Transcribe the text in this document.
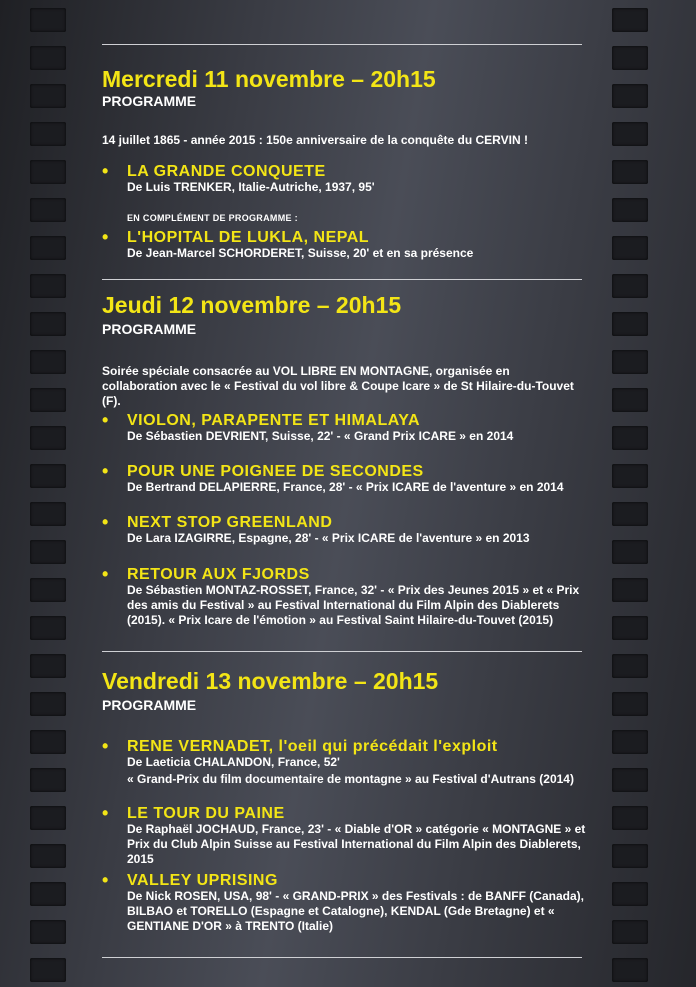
Mercredi 11 novembre – 20h15
PROGRAMME
14 juillet 1865 - année 2015 : 150e anniversaire de la conquête du CERVIN !
• LA GRANDE CONQUETE
De Luis TRENKER, Italie-Autriche, 1937, 95'
EN COMPLÉMENT DE PROGRAMME :
• L'HOPITAL DE LUKLA, NEPAL
De Jean-Marcel SCHORDERET, Suisse, 20' et en sa présence
Jeudi 12 novembre – 20h15
PROGRAMME
Soirée spéciale consacrée au VOL LIBRE EN MONTAGNE, organisée en collaboration avec le « Festival du vol libre & Coupe Icare » de St Hilaire-du-Touvet (F).
• VIOLON, PARAPENTE ET HIMALAYA
De Sébastien DEVRIENT, Suisse, 22' - « Grand Prix ICARE » en 2014
• POUR UNE POIGNEE DE SECONDES
De Bertrand DELAPIERRE, France, 28' - « Prix ICARE de l'aventure » en 2014
• NEXT STOP GREENLAND
De Lara IZAGIRRE, Espagne, 28' - « Prix ICARE de l'aventure » en 2013
• RETOUR AUX FJORDS
De Sébastien MONTAZ-ROSSET, France, 32' - « Prix des Jeunes 2015 » et « Prix des amis du Festival » au Festival International du Film Alpin des Diablerets (2015). « Prix Icare de l'émotion » au Festival Saint Hilaire-du-Touvet (2015)
Vendredi 13 novembre – 20h15
PROGRAMME
• RENE VERNADET, l'oeil qui précédait l'exploit
De Laeticia CHALANDON, France, 52'
« Grand-Prix du film documentaire de montagne » au Festival d'Autrans (2014)
• LE TOUR DU PAINE
De Raphaël JOCHAUD, France, 23' - « Diable d'OR » catégorie « MONTAGNE » et Prix du Club Alpin Suisse au Festival International du Film Alpin des Diablerets, 2015
• VALLEY UPRISING
De Nick ROSEN, USA, 98' - « GRAND-PRIX » des Festivals : de BANFF (Canada), BILBAO et TORELLO (Espagne et Catalogne), KENDAL (Gde Bretagne) et « GENTIANE D'OR » à TRENTO (Italie)
